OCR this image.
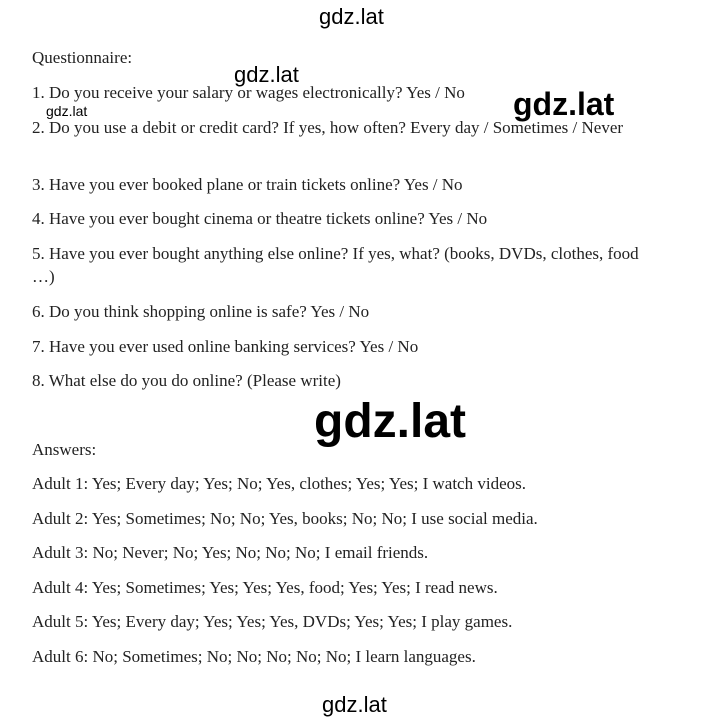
Questionnaire:
1. Do you receive your salary or wages electronically? Yes / No
2. Do you use a debit or credit card? If yes, how often? Every day / Sometimes / Never
3. Have you ever booked plane or train tickets online? Yes / No
4. Have you ever bought cinema or theatre tickets online? Yes / No
5. Have you ever bought anything else online? If yes, what? (books, DVDs, clothes, food …)
6. Do you think shopping online is safe? Yes / No
7. Have you ever used online banking services? Yes / No
8. What else do you do online? (Please write)
Answers:
Adult 1: Yes; Every day; Yes; No; Yes, clothes; Yes; Yes; I watch videos.
Adult 2: Yes; Sometimes; No; No; Yes, books; No; No; I use social media.
Adult 3: No; Never; No; Yes; No; No; No; I email friends.
Adult 4: Yes; Sometimes; Yes; Yes; Yes, food; Yes; Yes; I read news.
Adult 5: Yes; Every day; Yes; Yes; Yes, DVDs; Yes; Yes; I play games.
Adult 6: No; Sometimes; No; No; No; No; No; I learn languages.
gdz.lat
gdz.lat
gdz.lat
gdz.lat
gdz.lat
gdz.lat
